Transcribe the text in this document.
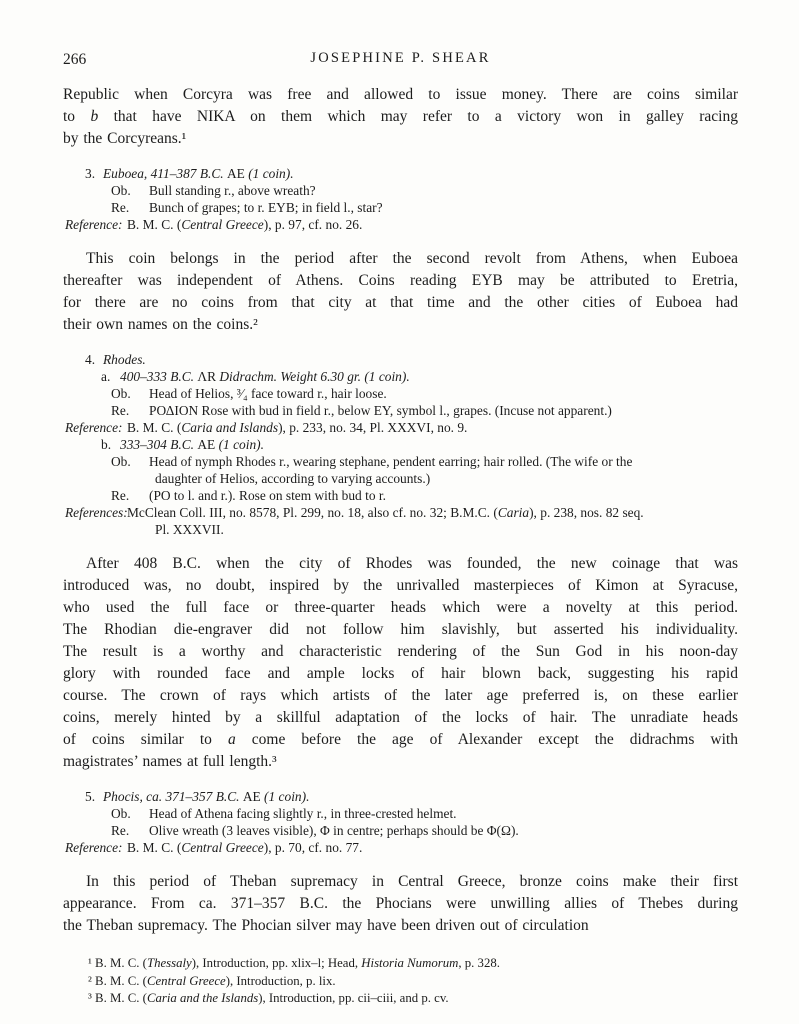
266	JOSEPHINE P. SHEAR
Republic when Corcyra was free and allowed to issue money. There are coins similar
to b that have ΝΙΚΑ on them which may refer to a victory won in galley racing
by the Corcyreans.¹
3. Euboea, 411–387 B.C. ΑΕ (1 coin).
Ob. Bull standing r., above wreath?
Re. Bunch of grapes; to r. ΕΥΒ; in field l., star?
Reference: B. M. C. (Central Greece), p. 97, cf. no. 26.
This coin belongs in the period after the second revolt from Athens, when Euboea
thereafter was independent of Athens. Coins reading ΕΥΒ may be attributed to Eretria,
for there are no coins from that city at that time and the other cities of Euboea had
their own names on the coins.²
4. Rhodes.
a. 400–333 B.C. ΛR Didrachm. Weight 6.30 gr. (1 coin).
Ob. Head of Helios, ³⁄₄ face toward r., hair loose.
Re. ΡΟΔΙΟΝ Rose with bud in field r., below ΕΥ, symbol l., grapes. (Incuse not apparent.)
Reference: B. M. C. (Caria and Islands), p. 233, no. 34, Pl. XXXVI, no. 9.
b. 333–304 B.C. ΑΕ (1 coin).
Ob. Head of nymph Rhodes r., wearing stephane, pendent earring; hair rolled. (The wife or the
daughter of Helios, according to varying accounts.)
Re. (ΡΟ to l. and r.). Rose on stem with bud to r.
References: McClean Coll. III, no. 8578, Pl. 299, no. 18, also cf. no. 32; B.M.C. (Caria), p. 238, nos. 82 seq.
Pl. XXXVII.
After 408 B.C. when the city of Rhodes was founded, the new coinage that was
introduced was, no doubt, inspired by the unrivalled masterpieces of Kimon at Syracuse,
who used the full face or three-quarter heads which were a novelty at this period.
The Rhodian die-engraver did not follow him slavishly, but asserted his individuality.
The result is a worthy and characteristic rendering of the Sun God in his noon-day
glory with rounded face and ample locks of hair blown back, suggesting his rapid
course. The crown of rays which artists of the later age preferred is, on these earlier
coins, merely hinted by a skillful adaptation of the locks of hair. The unradiate heads
of coins similar to a come before the age of Alexander except the didrachms with
magistrates’ names at full length.³
5. Phocis, ca. 371–357 B.C. ΑΕ (1 coin).
Ob. Head of Athena facing slightly r., in three-crested helmet.
Re. Olive wreath (3 leaves visible), Φ in centre; perhaps should be Φ(Ω).
Reference: B. M. C. (Central Greece), p. 70, cf. no. 77.
In this period of Theban supremacy in Central Greece, bronze coins make their first
appearance. From ca. 371–357 B.C. the Phocians were unwilling allies of Thebes during
the Theban supremacy. The Phocian silver may have been driven out of circulation
¹ B. M. C. (Thessaly), Introduction, pp. xlix–l; Head, Historia Numorum, p. 328.
² B. M. C. (Central Greece), Introduction, p. lix.
³ B. M. C. (Caria and the Islands), Introduction, pp. cii–ciii, and p. cv.
